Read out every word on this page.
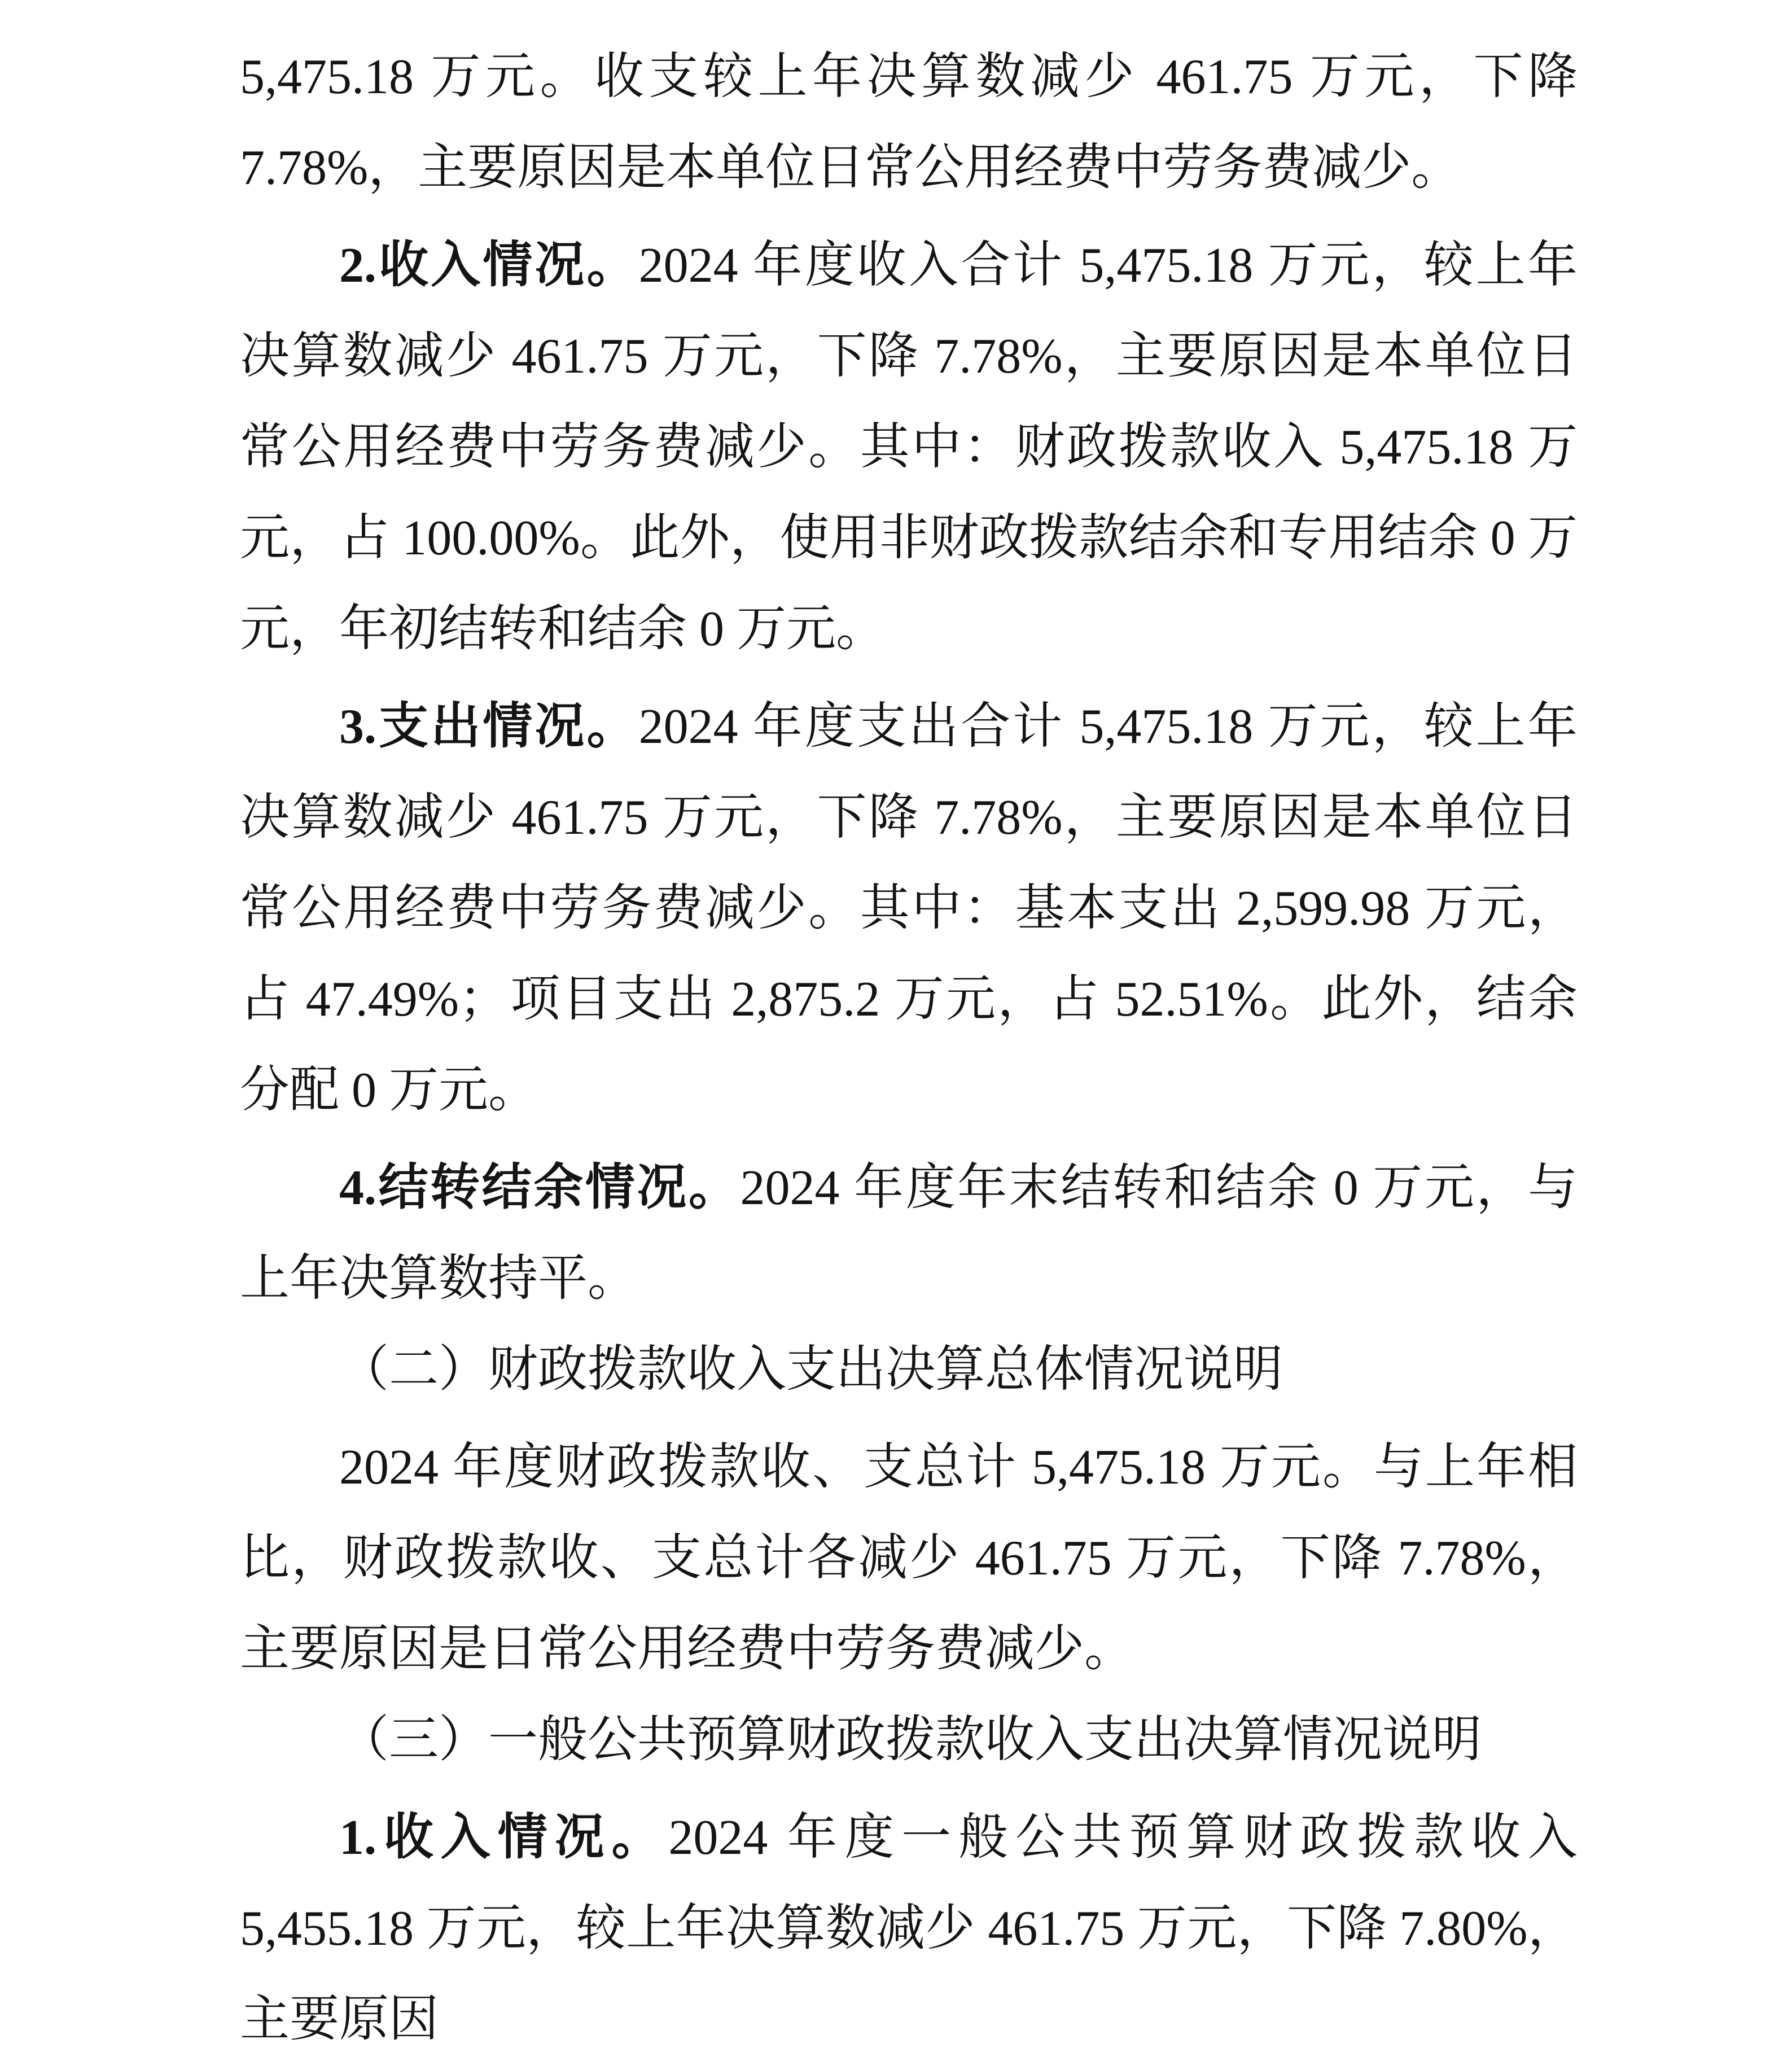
5,475.18 万元。收支较上年决算数减少 461.75 万元，下降 7.78%，主要原因是本单位日常公用经费中劳务费减少。

2.收入情况。2024 年度收入合计 5,475.18 万元，较上年决算数减少 461.75 万元，下降 7.78%，主要原因是本单位日常公用经费中劳务费减少。其中：财政拨款收入 5,475.18 万元，占 100.00%。此外，使用非财政拨款结余和专用结余 0 万元，年初结转和结余 0 万元。

3.支出情况。2024 年度支出合计 5,475.18 万元，较上年决算数减少 461.75 万元，下降 7.78%，主要原因是本单位日常公用经费中劳务费减少。其中：基本支出 2,599.98 万元，占 47.49%；项目支出 2,875.2 万元，占 52.51%。此外，结余分配 0 万元。

4.结转结余情况。2024 年度年末结转和结余 0 万元，与上年决算数持平。

（二）财政拨款收入支出决算总体情况说明

2024 年度财政拨款收、支总计 5,475.18 万元。与上年相比，财政拨款收、支总计各减少 461.75 万元，下降 7.78%，主要原因是日常公用经费中劳务费减少。

（三）一般公共预算财政拨款收入支出决算情况说明

1.收入情况。2024 年度一般公共预算财政拨款收入 5,455.18 万元，较上年决算数减少 461.75 万元，下降 7.80%，主要原因
